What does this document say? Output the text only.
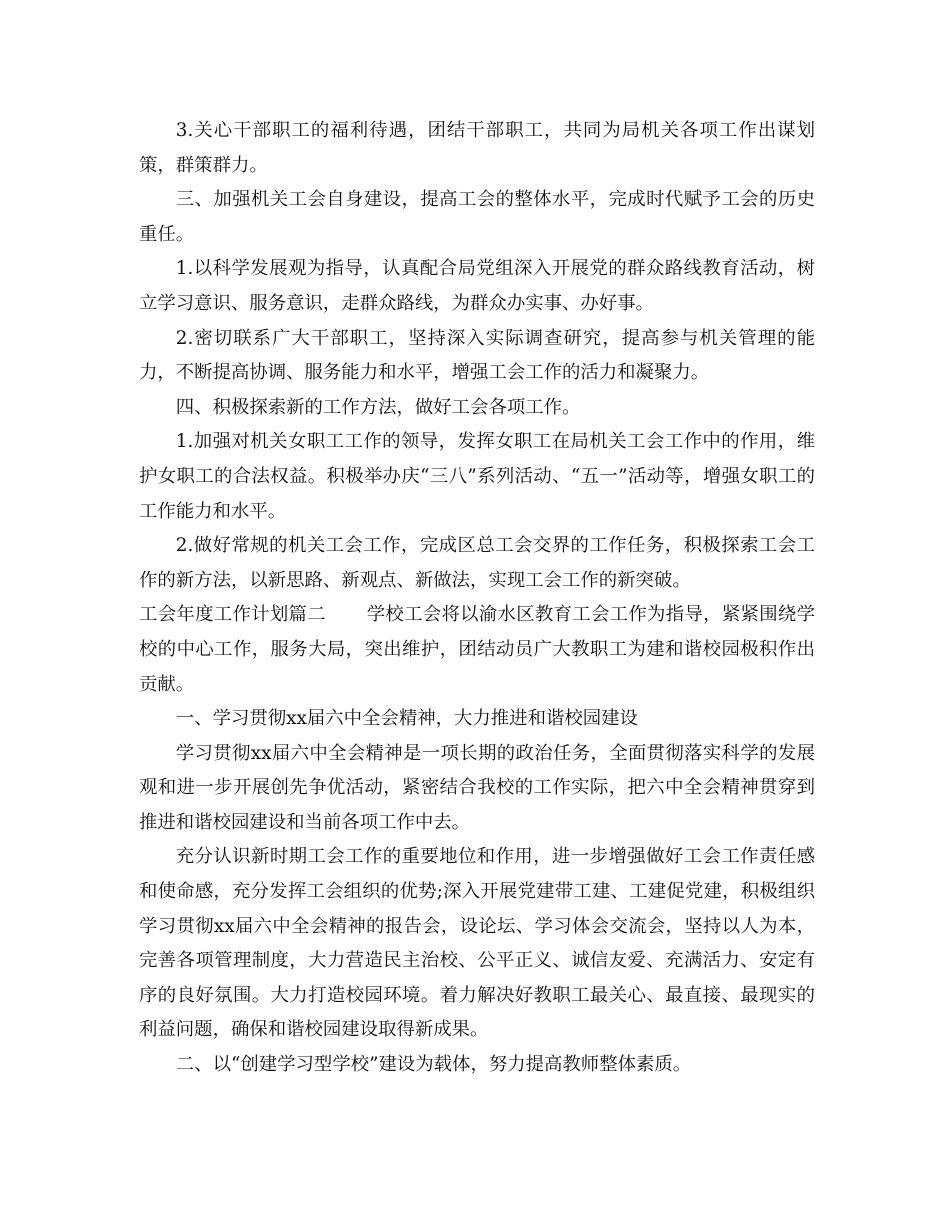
3.关心干部职工的福利待遇，团结干部职工，共同为局机关各项工作出谋划策，群策群力。

三、加强机关工会自身建设，提高工会的整体水平，完成时代赋予工会的历史重任。

1.以科学发展观为指导，认真配合局党组深入开展党的群众路线教育活动，树立学习意识、服务意识，走群众路线，为群众办实事、办好事。

2.密切联系广大干部职工，坚持深入实际调查研究，提高参与机关管理的能力，不断提高协调、服务能力和水平，增强工会工作的活力和凝聚力。

四、积极探索新的工作方法，做好工会各项工作。

1.加强对机关女职工工作的领导，发挥女职工在局机关工会工作中的作用，维护女职工的合法权益。积极举办庆“三八”系列活动、“五一”活动等，增强女职工的工作能力和水平。

2.做好常规的机关工会工作，完成区总工会交界的工作任务，积极探索工会工作的新方法，以新思路、新观点、新做法，实现工会工作的新突破。

工会年度工作计划篇二 学校工会将以渝水区教育工会工作为指导，紧紧围绕学校的中心工作，服务大局，突出维护，团结动员广大教职工为建和谐校园极积作出贡献。

一、学习贯彻xx届六中全会精神，大力推进和谐校园建设

学习贯彻xx届六中全会精神是一项长期的政治任务，全面贯彻落实科学的发展观和进一步开展创先争优活动，紧密结合我校的工作实际，把六中全会精神贯穿到推进和谐校园建设和当前各项工作中去。

充分认识新时期工会工作的重要地位和作用，进一步增强做好工会工作责任感和使命感，充分发挥工会组织的优势;深入开展党建带工建、工建促党建，积极组织学习贯彻xx届六中全会精神的报告会，设论坛、学习体会交流会，坚持以人为本，完善各项管理制度，大力营造民主治校、公平正义、诚信友爱、充满活力、安定有序的良好氛围。大力打造校园环境。着力解决好教职工最关心、最直接、最现实的利益问题，确保和谐校园建设取得新成果。

二、以“创建学习型学校”建设为载体，努力提高教师整体素质。
